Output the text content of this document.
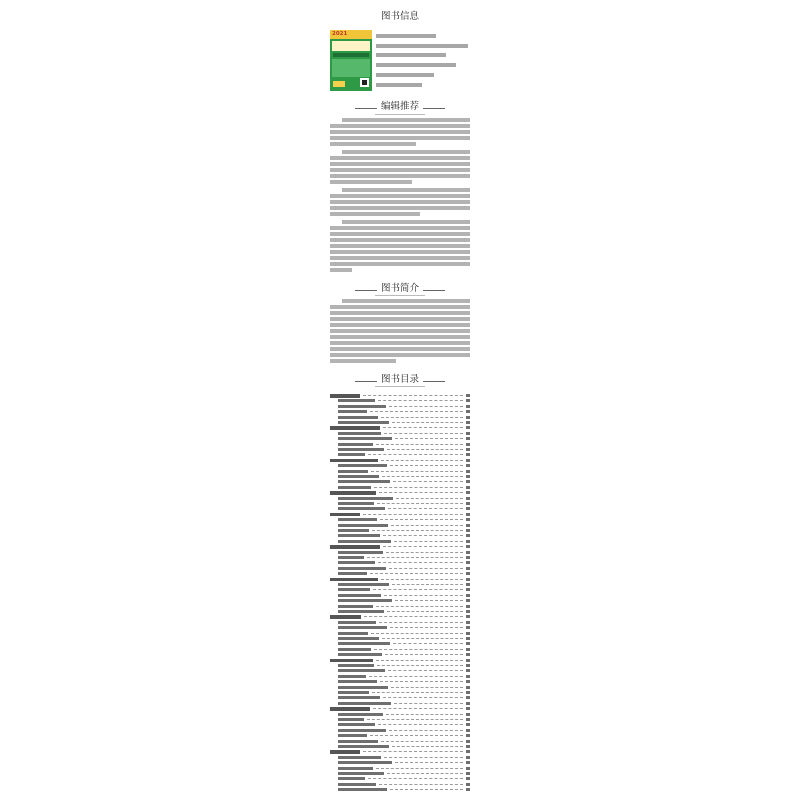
图书信息
2021
编辑推荐
图书简介
图书目录
